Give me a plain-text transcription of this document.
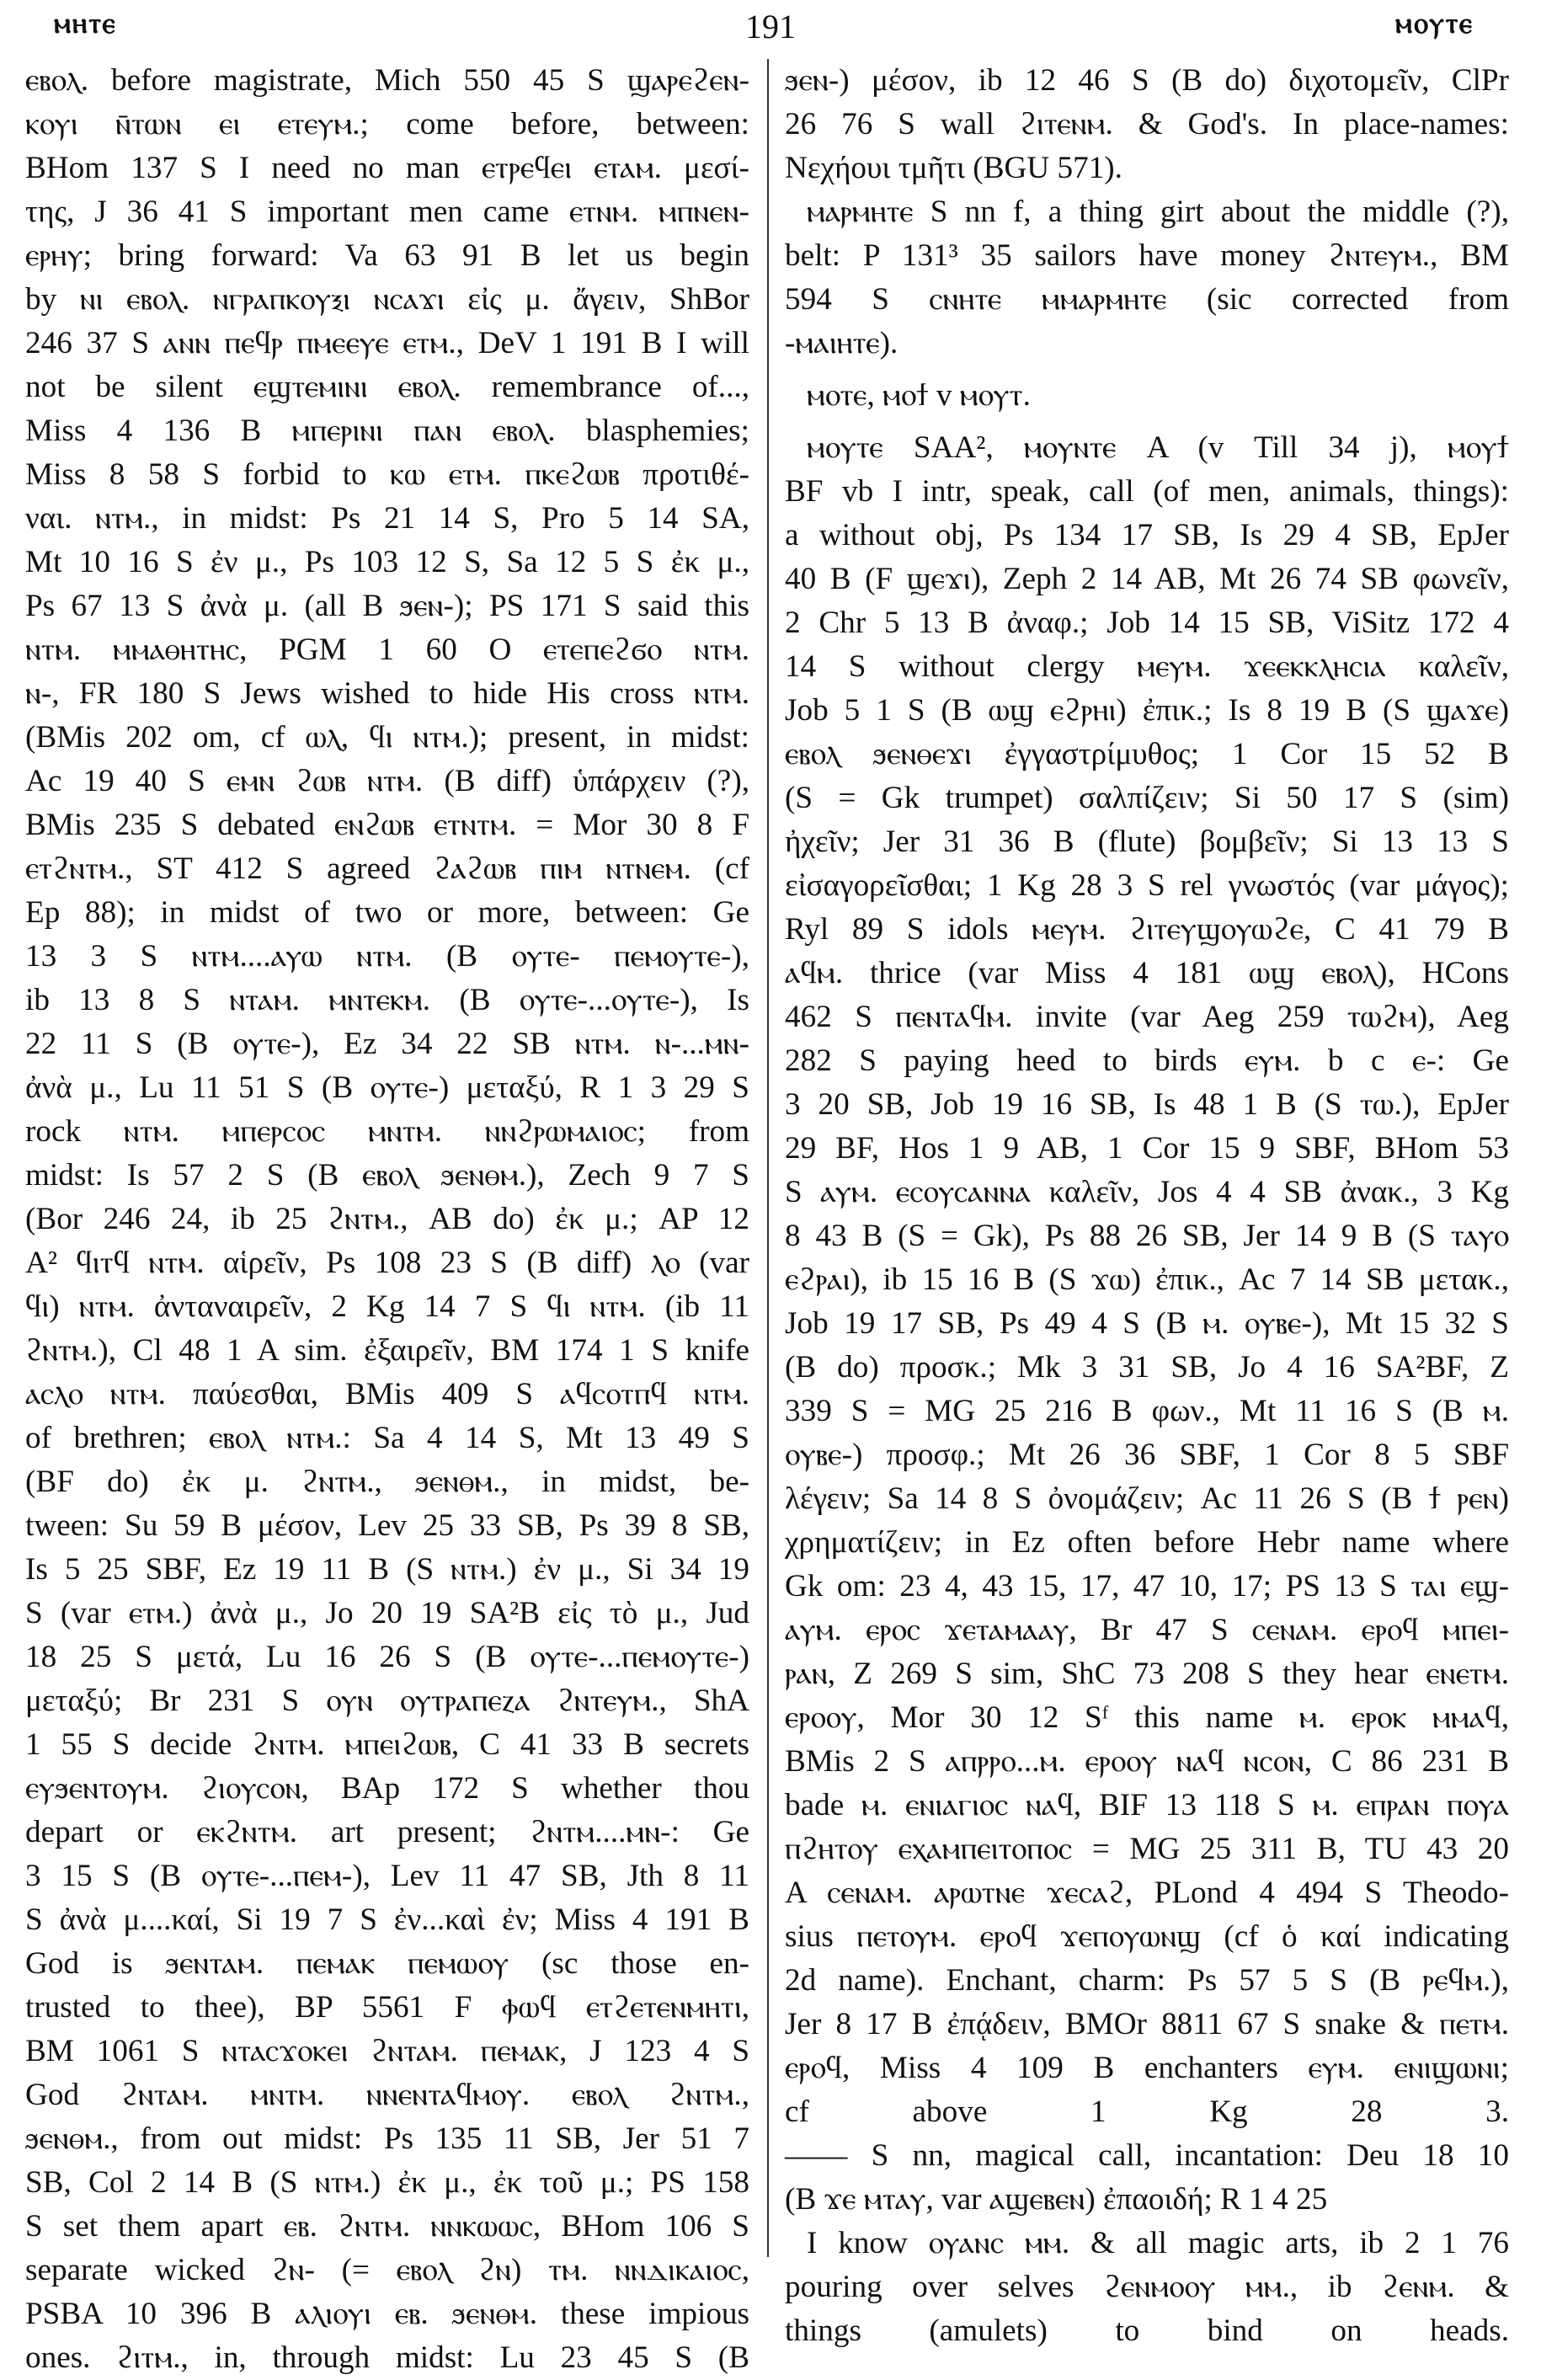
ⲙⲏⲧⲉ	191	ⲙⲟⲩⲧⲉ
ⲉⲃⲟⲗ. before magistrate, Mich 550 45 S ϣⲁⲣⲉϩⲉⲛ-
ⲕⲟⲩⲓ ⲛ̄ⲧⲱⲛ ⲉⲓ ⲉⲧⲉⲩⲙ.; come before, between:
BHom 137 S I need no man ⲉⲧⲣⲉϥⲉⲓ ⲉⲧⲁⲙ. μεσί-
της, J 36 41 S important men came ⲉⲧⲛⲙ. ⲙⲡⲛⲉⲛ-
ⲉⲣⲏⲩ; bring forward: Va 63 91 B let us begin
by ⲛⲓ ⲉⲃⲟⲗ. ⲛⲅⲣⲁⲡⲕⲟⲩⲝⲓ ⲛⲥⲁϫⲓ εἰς μ. ἄγειν, ShBor
246 37 S ⲁⲛⲛ ⲡⲉϥⲣ ⲡⲙⲉⲉⲩⲉ ⲉⲧⲙ., DeV 1 191 B I will
not be silent ⲉϣⲧⲉⲙⲓⲛⲓ ⲉⲃⲟⲗ. remembrance of...,
Miss 4 136 B ⲙⲡⲉⲣⲓⲛⲓ ⲡⲁⲛ ⲉⲃⲟⲗ. blasphemies;
Miss 8 58 S forbid to ⲕⲱ ⲉⲧⲙ. ⲡⲕⲉϩⲱⲃ προτιθέ-
ναι. ⲛⲧⲙ., in midst: Ps 21 14 S, Pro 5 14 SA,
Mt 10 16 S ἐν μ., Ps 103 12 S, Sa 12 5 S ἐκ μ.,
Ps 67 13 S ἀνὰ μ. (all B ϧⲉⲛ-); PS 171 S said this
ⲛⲧⲙ. ⲙⲙⲁⲑⲏⲧⲏⲥ, PGM 1 60 O ⲉⲧⲉⲡⲉϩϭⲟ ⲛⲧⲙ.
ⲛ-, FR 180 S Jews wished to hide His cross ⲛⲧⲙ.
(BMis 202 om, cf ⲱⲗ, ϥⲓ ⲛⲧⲙ.); present, in midst:
Ac 19 40 S ⲉⲙⲛ ϩⲱⲃ ⲛⲧⲙ. (B diff) ὑπάρχειν (?),
BMis 235 S debated ⲉⲛϩⲱⲃ ⲉⲧⲛⲧⲙ. = Mor 30 8 F
ⲉⲧϩⲛⲧⲙ., ST 412 S agreed ϩⲁϩⲱⲃ ⲡⲓⲙ ⲛⲧⲛⲉⲙ. (cf
Ep 88); in midst of two or more, between: Ge
13 3 S ⲛⲧⲙ....ⲁⲩⲱ ⲛⲧⲙ. (B ⲟⲩⲧⲉ- ⲡⲉⲙⲟⲩⲧⲉ-),
ib 13 8 S ⲛⲧⲁⲙ. ⲙⲛⲧⲉⲕⲙ. (B ⲟⲩⲧⲉ-...ⲟⲩⲧⲉ-), Is
22 11 S (B ⲟⲩⲧⲉ-), Ez 34 22 SB ⲛⲧⲙ. ⲛ-...ⲙⲛ-
ἀνὰ μ., Lu 11 51 S (B ⲟⲩⲧⲉ-) μεταξύ, R 1 3 29 S
rock ⲛⲧⲙ. ⲙⲡⲉⲣⲥⲟⲥ ⲙⲛⲧⲙ. ⲛⲛϩⲣⲱⲙⲁⲓⲟⲥ; from
midst: Is 57 2 S (B ⲉⲃⲟⲗ ϧⲉⲛⲑⲙ.), Zech 9 7 S
(Bor 246 24, ib 25 ϩⲛⲧⲙ., AB do) ἐκ μ.; AP 12
A² ϥⲓⲧϥ ⲛⲧⲙ. αἱρεῖν, Ps 108 23 S (B diff) ⲗⲟ (var
ϥⲓ) ⲛⲧⲙ. ἀνταναιρεῖν, 2 Kg 14 7 S ϥⲓ ⲛⲧⲙ. (ib 11
ϩⲛⲧⲙ.), Cl 48 1 A sim. ἐξαιρεῖν, BM 174 1 S knife
ⲁⲥⲗⲟ ⲛⲧⲙ. παύεσθαι, BMis 409 S ⲁϥⲥⲟⲧⲡϥ ⲛⲧⲙ.
of brethren; ⲉⲃⲟⲗ ⲛⲧⲙ.: Sa 4 14 S, Mt 13 49 S
(BF do) ἐκ μ. ϩⲛⲧⲙ., ϧⲉⲛⲑⲙ., in midst, be-
tween: Su 59 B μέσον, Lev 25 33 SB, Ps 39 8 SB,
Is 5 25 SBF, Ez 19 11 B (S ⲛⲧⲙ.) ἐν μ., Si 34 19
S (var ⲉⲧⲙ.) ἀνὰ μ., Jo 20 19 SA²B εἰς τὸ μ., Jud
18 25 S μετά, Lu 16 26 S (B ⲟⲩⲧⲉ-...ⲡⲉⲙⲟⲩⲧⲉ-)
μεταξύ; Br 231 S ⲟⲩⲛ ⲟⲩⲧⲣⲁⲡⲉⲍⲁ ϩⲛⲧⲉⲩⲙ., ShA
1 55 S decide ϩⲛⲧⲙ. ⲙⲡⲉⲓϩⲱⲃ, C 41 33 B secrets
ⲉⲩϧⲉⲛⲧⲟⲩⲙ. ϩⲓⲟⲩⲥⲟⲛ, BAp 172 S whether thou
depart or ⲉⲕϩⲛⲧⲙ. art present; ϩⲛⲧⲙ....ⲙⲛ-: Ge
3 15 S (B ⲟⲩⲧⲉ-...ⲡⲉⲙ-), Lev 11 47 SB, Jth 8 11
S ἀνὰ μ....καί, Si 19 7 S ἐν...καὶ ἐν; Miss 4 191 B
God is ϧⲉⲛⲧⲁⲙ. ⲡⲉⲙⲁⲕ ⲡⲉⲙⲱⲟⲩ (sc those en-
trusted to thee), BP 5561 F ⲫⲱϥ ⲉⲧϩⲉⲧⲉⲛⲙⲏⲧⲓ,
BM 1061 S ⲛⲧⲁⲥϫⲟⲕⲉⲓ ϩⲛⲧⲁⲙ. ⲡⲉⲙⲁⲕ, J 123 4 S
God ϩⲛⲧⲁⲙ. ⲙⲛⲧⲙ. ⲛⲛⲉⲛⲧⲁϥⲙⲟⲩ. ⲉⲃⲟⲗ ϩⲛⲧⲙ.,
ϧⲉⲛⲑⲙ., from out midst: Ps 135 11 SB, Jer 51 7
SB, Col 2 14 B (S ⲛⲧⲙ.) ἐκ μ., ἐκ τοῦ μ.; PS 158
S set them apart ⲉⲃ. ϩⲛⲧⲙ. ⲛⲛⲕⲱⲱⲥ, BHom 106 S
separate wicked ϩⲛ- (= ⲉⲃⲟⲗ ϩⲛ) ⲧⲙ. ⲛⲛⲇⲓⲕⲁⲓⲟⲥ,
PSBA 10 396 B ⲁⲗⲓⲟⲩⲓ ⲉⲃ. ϧⲉⲛⲑⲙ. these impious
ones. ϩⲓⲧⲙ., in, through midst: Lu 23 45 S (B
ϧⲉⲛ-) μέσον, ib 12 46 S (B do) διχοτομεῖν, ClPr
26 76 S wall ϩⲓⲧⲉⲛⲙ. & God's. In place-names:
Νεχήουι τμῆτι (BGU 571).
ⲙⲁⲣⲙⲏⲧⲉ S nn f, a thing girt about the middle (?),
belt: P 131³ 35 sailors have money ϩⲛⲧⲉⲩⲙ., BM
594 S ⲥⲛⲏⲧⲉ ⲙⲙⲁⲣⲙⲏⲧⲉ (sic corrected from
-ⲙⲁⲓⲏⲧⲉ).
ⲙⲟⲧⲉ, ⲙⲟϯ v ⲙⲟⲩⲧ.
ⲙⲟⲩⲧⲉ SAA², ⲙⲟⲩⲛⲧⲉ A (v Till 34 j), ⲙⲟⲩϯ
BF vb I intr, speak, call (of men, animals, things):
a without obj, Ps 134 17 SB, Is 29 4 SB, EpJer
40 B (F ϣⲉϫⲓ), Zeph 2 14 AB, Mt 26 74 SB φωνεῖν,
2 Chr 5 13 B ἀναφ.; Job 14 15 SB, ViSitz 172 4
14 S without clergy ⲙⲉⲩⲙ. ϫⲉⲉⲕⲕⲗⲏⲥⲓⲁ καλεῖν,
Job 5 1 S (B ⲱϣ ⲉϩⲣⲏⲓ) ἐπικ.; Is 8 19 B (S ϣⲁϫⲉ)
ⲉⲃⲟⲗ ϧⲉⲛⲑⲉϫⲓ ἐγγαστρίμυθος; 1 Cor 15 52 B
(S = Gk trumpet) σαλπίζειν; Si 50 17 S (sim)
ἠχεῖν; Jer 31 36 B (flute) βομβεῖν; Si 13 13 S
εἰσαγορεῖσθαι; 1 Kg 28 3 S rel γνωστός (var μάγος);
Ryl 89 S idols ⲙⲉⲩⲙ. ϩⲓⲧⲉⲩϣⲟⲩⲱϩⲉ, C 41 79 B
ⲁϥⲙ. thrice (var Miss 4 181 ⲱϣ ⲉⲃⲟⲗ), HCons
462 S ⲡⲉⲛⲧⲁϥⲙ. invite (var Aeg 259 ⲧⲱϩⲙ), Aeg
282 S paying heed to birds ⲉⲩⲙ. b c ⲉ-: Ge
3 20 SB, Job 19 16 SB, Is 48 1 B (S ⲧⲱ.), EpJer
29 BF, Hos 1 9 AB, 1 Cor 15 9 SBF, BHom 53
S ⲁⲩⲙ. ⲉⲥⲟⲩⲥⲁⲛⲛⲁ καλεῖν, Jos 4 4 SB ἀνακ., 3 Kg
8 43 B (S = Gk), Ps 88 26 SB, Jer 14 9 B (S ⲧⲁⲩⲟ
ⲉϩⲣⲁⲓ), ib 15 16 B (S ϫⲱ) ἐπικ., Ac 7 14 SB μετακ.,
Job 19 17 SB, Ps 49 4 S (B ⲙ. ⲟⲩⲃⲉ-), Mt 15 32 S
(B do) προσκ.; Mk 3 31 SB, Jo 4 16 SA²BF, Z
339 S = MG 25 216 B φων., Mt 11 16 S (B ⲙ.
ⲟⲩⲃⲉ-) προσφ.; Mt 26 36 SBF, 1 Cor 8 5 SBF
λέγειν; Sa 14 8 S ὀνομάζειν; Ac 11 26 S (B ϯ ⲣⲉⲛ)
χρηματίζειν; in Ez often before Hebr name where
Gk om: 23 4, 43 15, 17, 47 10, 17; PS 13 S ⲧⲁⲓ ⲉϣ-
ⲁⲩⲙ. ⲉⲣⲟⲥ ϫⲉⲧⲁⲙⲁⲁⲩ, Br 47 S ⲥⲉⲛⲁⲙ. ⲉⲣⲟϥ ⲙⲡⲉⲓ-
ⲣⲁⲛ, Z 269 S sim, ShC 73 208 S they hear ⲉⲛⲉⲧⲙ.
ⲉⲣⲟⲟⲩ, Mor 30 12 Sᶠ this name ⲙ. ⲉⲣⲟⲕ ⲙⲙⲁϥ,
BMis 2 S ⲁⲡⲣⲣⲟ...ⲙ. ⲉⲣⲟⲟⲩ ⲛⲁϥ ⲛⲥⲟⲛ, C 86 231 B
bade ⲙ. ⲉⲛⲓⲁⲅⲓⲟⲥ ⲛⲁϥ, BIF 13 118 S ⲙ. ⲉⲡⲣⲁⲛ ⲡⲟⲩⲁ
ⲡϩⲏⲧⲟⲩ ⲉⲭⲁⲙⲡⲉⲓⲧⲟⲡⲟⲥ = MG 25 311 B, TU 43 20
A ⲥⲉⲛⲁⲙ. ⲁⲣⲱⲧⲛⲉ ϫⲉⲥⲁϩ, PLond 4 494 S Theodo-
sius ⲡⲉⲧⲟⲩⲙ. ⲉⲣⲟϥ ϫⲉⲡⲟⲩⲱⲛϣ (cf ὁ καί indicating
2d name). Enchant, charm: Ps 57 5 S (B ⲣⲉϥⲙ.),
Jer 8 17 B ἐπᾴδειν, BMOr 8811 67 S snake & ⲡⲉⲧⲙ.
ⲉⲣⲟϥ, Miss 4 109 B enchanters ⲉⲩⲙ. ⲉⲛⲓϣⲱⲛⲓ;
cf above 1 Kg 28 3.
—— S nn, magical call, incantation: Deu 18 10
(B ϫⲉ ⲙⲧⲁⲩ, var ⲁϣⲉⲃⲉⲛ) ἐπαοιδή; R 1 4 25
I know ⲟⲩⲁⲛⲥ ⲙⲙ. & all magic arts, ib 2 1 76
pouring over selves ϩⲉⲛⲙⲟⲟⲩ ⲙⲙ., ib ϩⲉⲛⲙ. &
things (amulets) to bind on heads.
